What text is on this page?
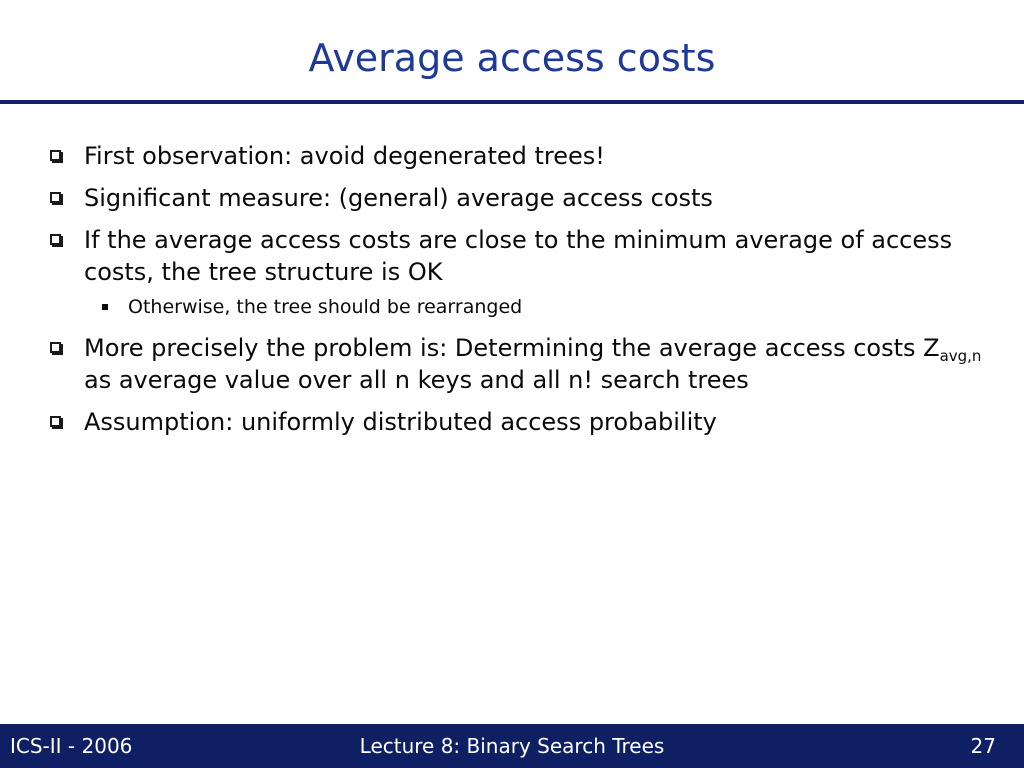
Average access costs
First observation: avoid degenerated trees!
Significant measure: (general) average access costs
If the average access costs are close to the minimum average of access costs, the tree structure is OK
Otherwise, the tree should be rearranged
More precisely the problem is: Determining the average access costs $Z_{avg,n}$ as average value over all n keys and all n! search trees
Assumption: uniformly distributed access probability
ICS-II - 2006	Lecture 8: Binary Search Trees	27
